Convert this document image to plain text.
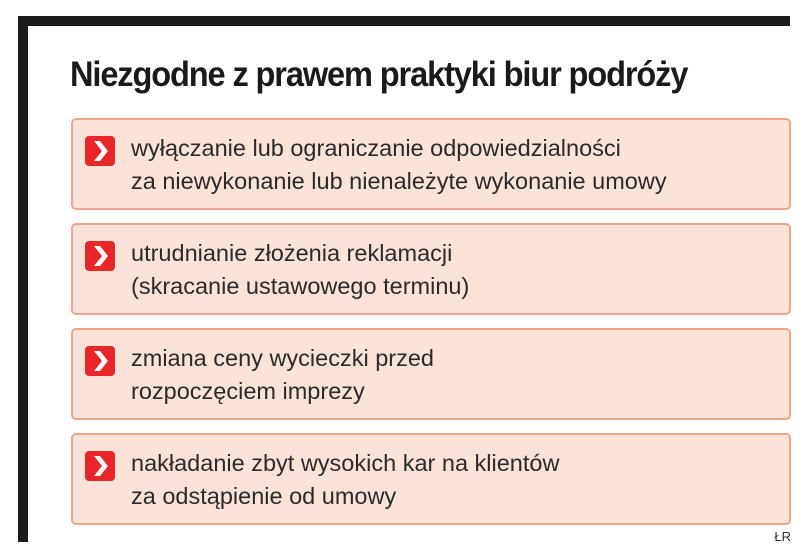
Niezgodne z prawem praktyki biur podróży

wyłączanie lub ograniczanie odpowiedzialności
za niewykonanie lub nienależyte wykonanie umowy

utrudnianie złożenia reklamacji
(skracanie ustawowego terminu)

zmiana ceny wycieczki przed
rozpoczęciem imprezy

nakładanie zbyt wysokich kar na klientów
za odstąpienie od umowy

ŁR
